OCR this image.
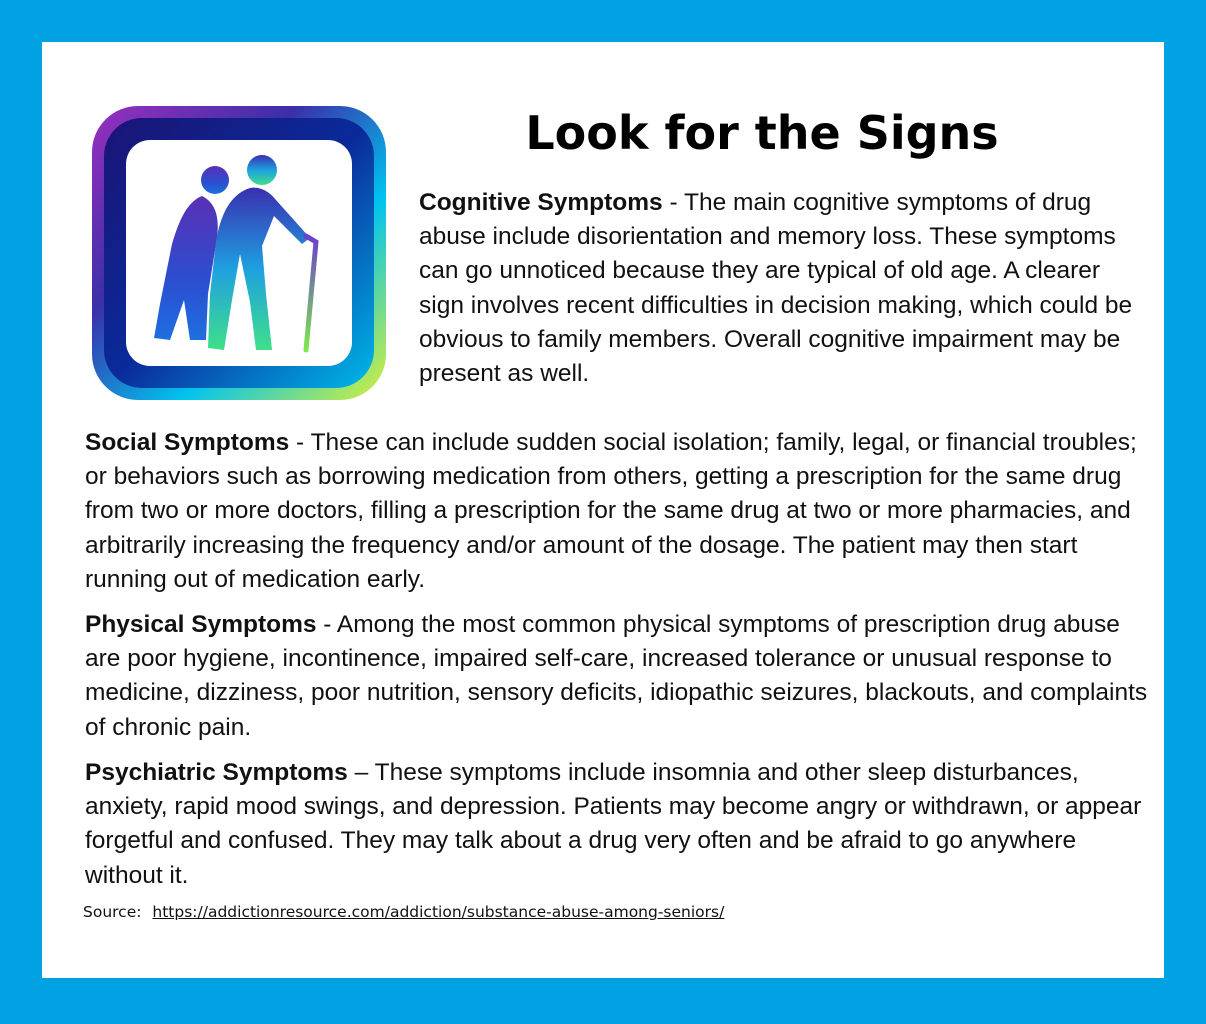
Look for the Signs

Cognitive Symptoms - The main cognitive symptoms of drug abuse include disorientation and memory loss. These symptoms can go unnoticed because they are typical of old age. A clearer sign involves recent difficulties in decision making, which could be obvious to family members. Overall cognitive impairment may be present as well.

Social Symptoms - These can include sudden social isolation; family, legal, or financial troubles; or behaviors such as borrowing medication from others, getting a prescription for the same drug from two or more doctors, filling a prescription for the same drug at two or more pharmacies, and arbitrarily increasing the frequency and/or amount of the dosage. The patient may then start running out of medication early.

Physical Symptoms - Among the most common physical symptoms of prescription drug abuse are poor hygiene, incontinence, impaired self-care, increased tolerance or unusual response to medicine, dizziness, poor nutrition, sensory deficits, idiopathic seizures, blackouts, and complaints of chronic pain.

Psychiatric Symptoms – These symptoms include insomnia and other sleep disturbances, anxiety, rapid mood swings, and depression. Patients may become angry or withdrawn, or appear forgetful and confused. They may talk about a drug very often and be afraid to go anywhere without it.

Source: https://addictionresource.com/addiction/substance-abuse-among-seniors/
